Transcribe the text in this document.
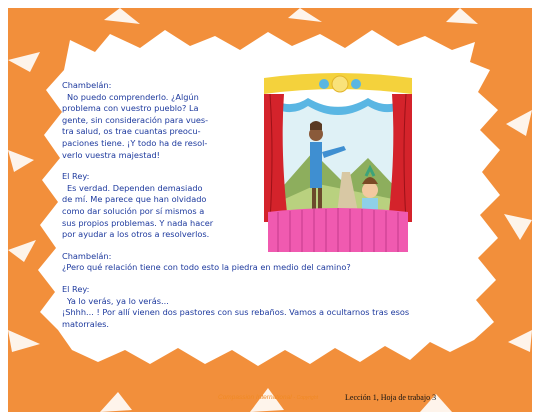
Chambelán:

No puedo comprenderlo. ¿Algún

problema con vuestro pueblo? La

gente, sin consideración para vues-

tra salud, os trae cuantas preocu-

paciones tiene. ¡Y todo ha de resol-

verlo vuestra majestad!

El Rey:

Es verdad. Dependen demasiado

de mí. Me parece que han olvidado

como dar solución por sí mismos a

sus propios problemas. Y nada hacer

por ayudar a los otros a resolverlos.

Chambelán:

¿Pero qué relación tiene con todo esto la piedra en medio del camino?

El Rey:

Ya lo verás, ya lo verás...

¡Shhh... ! Por allí vienen dos pastores con sus rebaños. Vamos a ocultarnos tras esos

matorrales.

Compassion International - Copyright	Lección 1, Hoja de trabajo 3
